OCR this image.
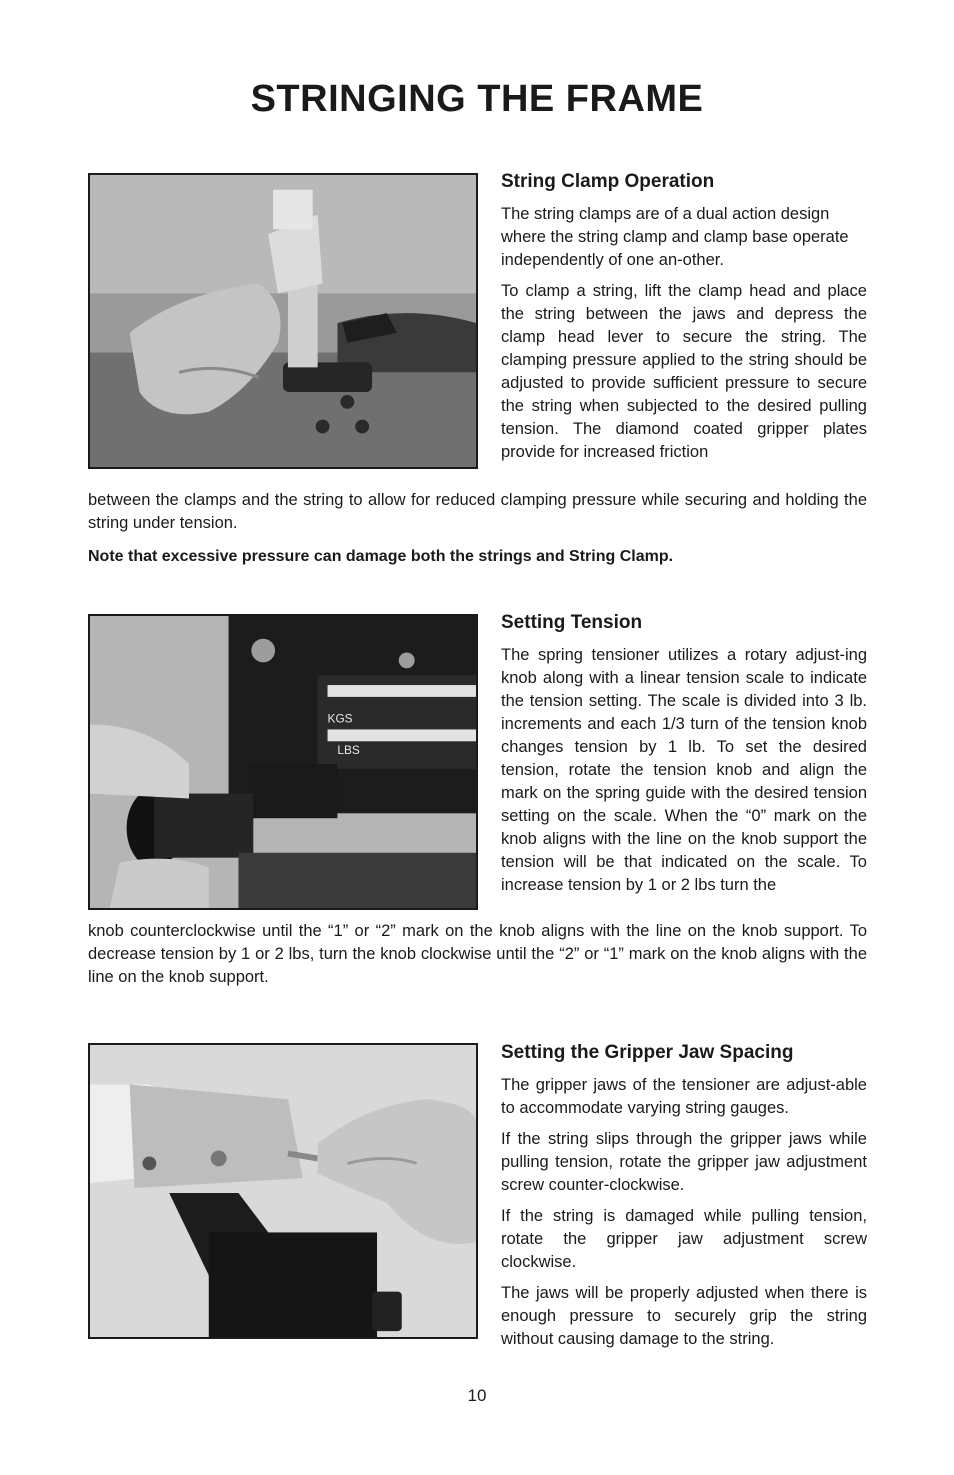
STRINGING THE FRAME
String Clamp Operation

The string clamps are of a dual action design where the string clamp and clamp base operate independently of one an-other.

To clamp a string, lift the clamp head and place the string between the jaws and depress the clamp head lever to secure the string. The clamping pressure applied to the string should be adjusted to provide sufficient pressure to secure the string when subjected to the desired pulling tension. The diamond coated gripper plates provide for increased friction

between the clamps and the string to allow for reduced clamping pressure while securing and holding the string under tension.

Note that excessive pressure can damage both the strings and String Clamp.

KGS
LBS
Setting Tension

The spring tensioner utilizes a rotary adjust-ing knob along with a linear tension scale to indicate the tension setting. The scale is divided into 3 lb. increments and each 1/3 turn of the tension knob changes tension by 1 lb. To set the desired tension, rotate the tension knob and align the mark on the spring guide with the desired tension setting on the scale. When the “0” mark on the knob aligns with the line on the knob support the tension will be that indicated on the scale. To increase tension by 1 or 2 lbs turn the

knob counterclockwise until the “1” or “2” mark on the knob aligns with the line on the knob support. To decrease tension by 1 or 2 lbs, turn the knob clockwise until the “2” or “1” mark on the knob aligns with the line on the knob support.

Setting the Gripper Jaw Spacing

The gripper jaws of the tensioner are adjust-able to accommodate varying string gauges.

If the string slips through the gripper jaws while pulling tension, rotate the gripper jaw adjustment screw counter-clockwise.

If the string is damaged while pulling tension, rotate the gripper jaw adjustment screw clockwise.

The jaws will be properly adjusted when there is enough pressure to securely grip the string without causing damage to the string.

10
